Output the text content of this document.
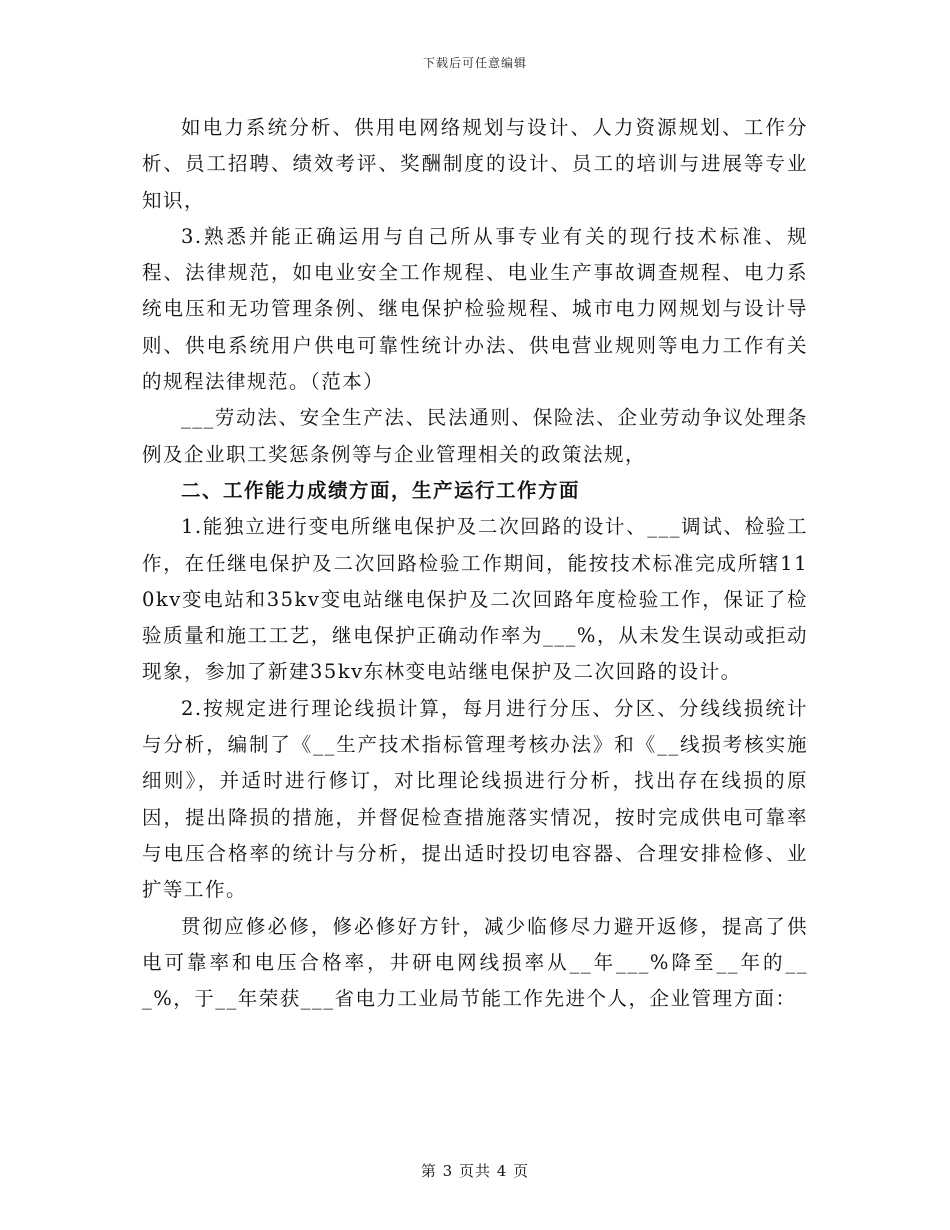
下载后可任意编辑

如电力系统分析、供用电网络规划与设计、人力资源规划、工作分析、员工招聘、绩效考评、奖酬制度的设计、员工的培训与进展等专业知识，

3.熟悉并能正确运用与自己所从事专业有关的现行技术标准、规程、法律规范，如电业安全工作规程、电业生产事故调查规程、电力系统电压和无功管理条例、继电保护检验规程、城市电力网规划与设计导则、供电系统用户供电可靠性统计办法、供电营业规则等电力工作有关的规程法律规范。（范本）

___劳动法、安全生产法、民法通则、保险法、企业劳动争议处理条例及企业职工奖惩条例等与企业管理相关的政策法规，

二、工作能力成绩方面，生产运行工作方面

1.能独立进行变电所继电保护及二次回路的设计、___调试、检验工作，在任继电保护及二次回路检验工作期间，能按技术标准完成所辖110kv变电站和35kv变电站继电保护及二次回路年度检验工作，保证了检验质量和施工工艺，继电保护正确动作率为___%，从未发生误动或拒动现象，参加了新建35kv东林变电站继电保护及二次回路的设计。

2.按规定进行理论线损计算，每月进行分压、分区、分线线损统计与分析，编制了《__生产技术指标管理考核办法》和《__线损考核实施细则》，并适时进行修订，对比理论线损进行分析，找出存在线损的原因，提出降损的措施，并督促检查措施落实情况，按时完成供电可靠率与电压合格率的统计与分析，提出适时投切电容器、合理安排检修、业扩等工作。

贯彻应修必修，修必修好方针，减少临修尽力避开返修，提高了供电可靠率和电压合格率，井研电网线损率从__年___%降至__年的___%，于__年荣获___省电力工业局节能工作先进个人，企业管理方面：

第 3 页共 4 页
